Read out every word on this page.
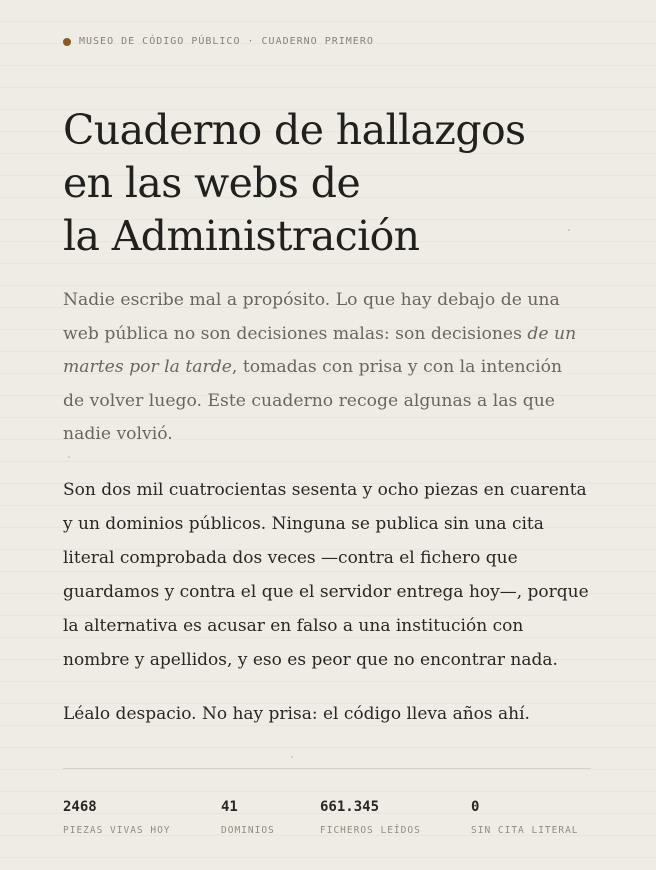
MUSEO DE CÓDIGO PÚBLICO · CUADERNO PRIMERO
Cuaderno de hallazgos
en las webs de
la Administración
Nadie escribe mal a propósito. Lo que hay debajo de una
web pública no son decisiones malas: son decisiones de un
martes por la tarde, tomadas con prisa y con la intención
de volver luego. Este cuaderno recoge algunas a las que
nadie volvió.
Son dos mil cuatrocientas sesenta y ocho piezas en cuarenta
y un dominios públicos. Ninguna se publica sin una cita
literal comprobada dos veces —contra el fichero que
guardamos y contra el que el servidor entrega hoy—, porque
la alternativa es acusar en falso a una institución con
nombre y apellidos, y eso es peor que no encontrar nada.
Léalo despacio. No hay prisa: el código lleva años ahí.
2468
PIEZAS VIVAS HOY
41
DOMINIOS
661.345
FICHEROS LEÍDOS
0
SIN CITA LITERAL
